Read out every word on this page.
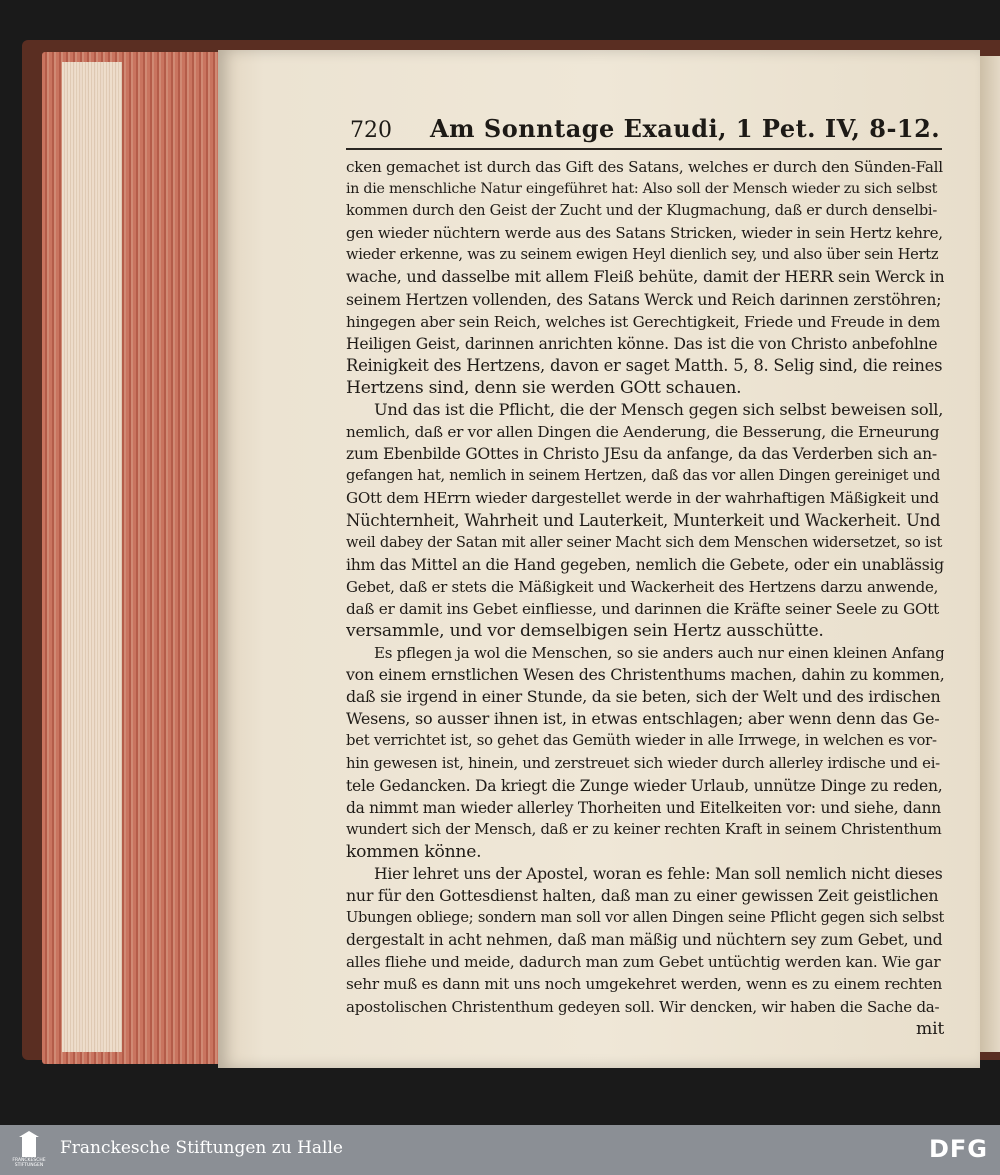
720 Am Sonntage Exaudi, 1 Pet. IV, 8-12.
cken gemachet ist durch das Gift des Satans, welches er durch den Sünden-Fall
in die menschliche Natur eingeführet hat: Also soll der Mensch wieder zu sich selbst
kommen durch den Geist der Zucht und der Klugmachung, daß er durch denselbi-
gen wieder nüchtern werde aus des Satans Stricken, wieder in sein Hertz kehre,
wieder erkenne, was zu seinem ewigen Heyl dienlich sey, und also über sein Hertz
wache, und dasselbe mit allem Fleiß behüte, damit der HERR sein Werck in
seinem Hertzen vollenden, des Satans Werck und Reich darinnen zerstöhren;
hingegen aber sein Reich, welches ist Gerechtigkeit, Friede und Freude in dem
Heiligen Geist, darinnen anrichten könne. Das ist die von Christo anbefohlne
Reinigkeit des Hertzens, davon er saget Matth. 5, 8. Selig sind, die reines
Hertzens sind, denn sie werden GOtt schauen.
Und das ist die Pflicht, die der Mensch gegen sich selbst beweisen soll,
nemlich, daß er vor allen Dingen die Aenderung, die Besserung, die Erneurung
zum Ebenbilde GOttes in Christo JEsu da anfange, da das Verderben sich an-
gefangen hat, nemlich in seinem Hertzen, daß das vor allen Dingen gereiniget und
GOtt dem HErrn wieder dargestellet werde in der wahrhaftigen Mäßigkeit und
Nüchternheit, Wahrheit und Lauterkeit, Munterkeit und Wackerheit. Und
weil dabey der Satan mit aller seiner Macht sich dem Menschen widersetzet, so ist
ihm das Mittel an die Hand gegeben, nemlich die Gebete, oder ein unablässig
Gebet, daß er stets die Mäßigkeit und Wackerheit des Hertzens darzu anwende,
daß er damit ins Gebet einfliesse, und darinnen die Kräfte seiner Seele zu GOtt
versammle, und vor demselbigen sein Hertz ausschütte.
Es pflegen ja wol die Menschen, so sie anders auch nur einen kleinen Anfang
von einem ernstlichen Wesen des Christenthums machen, dahin zu kommen,
daß sie irgend in einer Stunde, da sie beten, sich der Welt und des irdischen
Wesens, so ausser ihnen ist, in etwas entschlagen; aber wenn denn das Ge-
bet verrichtet ist, so gehet das Gemüth wieder in alle Irrwege, in welchen es vor-
hin gewesen ist, hinein, und zerstreuet sich wieder durch allerley irdische und ei-
tele Gedancken. Da kriegt die Zunge wieder Urlaub, unnütze Dinge zu reden,
da nimmt man wieder allerley Thorheiten und Eitelkeiten vor: und siehe, dann
wundert sich der Mensch, daß er zu keiner rechten Kraft in seinem Christenthum
kommen könne.
Hier lehret uns der Apostel, woran es fehle: Man soll nemlich nicht dieses
nur für den Gottesdienst halten, daß man zu einer gewissen Zeit geistlichen
Ubungen obliege; sondern man soll vor allen Dingen seine Pflicht gegen sich selbst
dergestalt in acht nehmen, daß man mäßig und nüchtern sey zum Gebet, und
alles fliehe und meide, dadurch man zum Gebet untüchtig werden kan. Wie gar
sehr muß es dann mit uns noch umgekehret werden, wenn es zu einem rechten
apostolischen Christenthum gedeyen soll. Wir dencken, wir haben die Sache da-
mit
FRANCKESCHE STIFTUNGEN
Franckesche Stiftungen zu Halle	DFG
